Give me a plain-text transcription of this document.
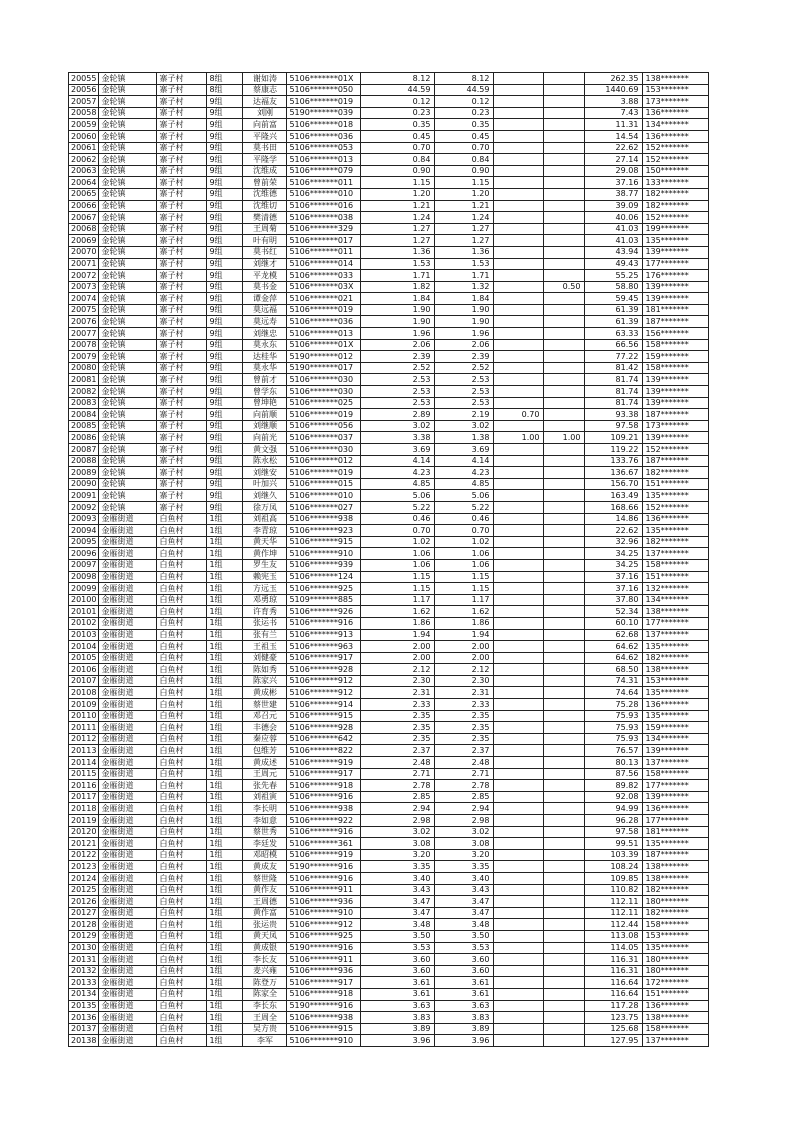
20055	金轮镇	寨子村	8组	谢如涛	5106*******01X	8.12	8.12			262.35	138*******
20056	金轮镇	寨子村	8组	蔡康志	5106*******050	44.59	44.59			1440.69	153*******
20057	金轮镇	寨子村	9组	达福友	5106*******019	0.12	0.12			3.88	173*******
20058	金轮镇	寨子村	9组	刘刚	5190*******039	0.23	0.23			7.43	136*******
20059	金轮镇	寨子村	9组	向前富	5106*******018	0.35	0.35			11.31	134*******
20060	金轮镇	寨子村	9组	平隆兴	5106*******036	0.45	0.45			14.54	136*******
20061	金轮镇	寨子村	9组	莫书田	5106*******053	0.70	0.70			22.62	152*******
20062	金轮镇	寨子村	9组	平隆学	5106*******013	0.84	0.84			27.14	152*******
20063	金轮镇	寨子村	9组	沈维成	5106*******079	0.90	0.90			29.08	150*******
20064	金轮镇	寨子村	9组	曾前荣	5106*******011	1.15	1.15			37.16	133*******
20065	金轮镇	寨子村	9组	沈维德	5106*******010	1.20	1.20			38.77	182*******
20066	金轮镇	寨子村	9组	沈维切	5106*******016	1.21	1.21			39.09	182*******
20067	金轮镇	寨子村	9组	樊清德	5106*******038	1.24	1.24			40.06	152*******
20068	金轮镇	寨子村	9组	王周菊	5106*******329	1.27	1.27			41.03	199*******
20069	金轮镇	寨子村	9组	叶有明	5106*******017	1.27	1.27			41.03	135*******
20070	金轮镇	寨子村	9组	莫书红	5106*******011	1.36	1.36			43.94	139*******
20071	金轮镇	寨子村	9组	刘继才	5106*******014	1.53	1.53			49.43	177*******
20072	金轮镇	寨子村	9组	平龙模	5106*******033	1.71	1.71			55.25	176*******
20073	金轮镇	寨子村	9组	莫书金	5106*******03X	1.82	1.32		0.50	58.80	139*******
20074	金轮镇	寨子村	9组	谭金萍	5106*******021	1.84	1.84			59.45	139*******
20075	金轮镇	寨子村	9组	莫远福	5106*******019	1.90	1.90			61.39	181*******
20076	金轮镇	寨子村	9组	莫远寿	5106*******036	1.90	1.90			61.39	187*******
20077	金轮镇	寨子村	9组	刘继忠	5106*******013	1.96	1.96			63.33	156*******
20078	金轮镇	寨子村	9组	莫永东	5106*******01X	2.06	2.06			66.56	158*******
20079	金轮镇	寨子村	9组	达桂华	5190*******012	2.39	2.39			77.22	159*******
20080	金轮镇	寨子村	9组	莫永华	5190*******017	2.52	2.52			81.42	158*******
20081	金轮镇	寨子村	9组	曾前才	5106*******030	2.53	2.53			81.74	139*******
20082	金轮镇	寨子村	9组	曾学东	5106*******030	2.53	2.53			81.74	139*******
20083	金轮镇	寨子村	9组	曾坤艳	5106*******025	2.53	2.53			81.74	139*******
20084	金轮镇	寨子村	9组	向前顺	5106*******019	2.89	2.19	0.70		93.38	187*******
20085	金轮镇	寨子村	9组	刘继顺	5106*******056	3.02	3.02			97.58	173*******
20086	金轮镇	寨子村	9组	向前光	5106*******037	3.38	1.38	1.00	1.00	109.21	139*******
20087	金轮镇	寨子村	9组	黄文强	5106*******030	3.69	3.69			119.22	152*******
20088	金轮镇	寨子村	9组	陈永松	5106*******012	4.14	4.14			133.76	187*******
20089	金轮镇	寨子村	9组	刘继安	5106*******019	4.23	4.23			136.67	182*******
20090	金轮镇	寨子村	9组	叶加兴	5106*******015	4.85	4.85			156.70	151*******
20091	金轮镇	寨子村	9组	刘继久	5106*******010	5.06	5.06			163.49	135*******
20092	金轮镇	寨子村	9组	徐万凤	5106*******027	5.22	5.22			168.66	152*******
20093	金雁街道	白鱼村	1组	刘祖高	5106*******938	0.46	0.46			14.86	136*******
20094	金雁街道	白鱼村	1组	李青琼	5106*******923	0.70	0.70			22.62	135*******
20095	金雁街道	白鱼村	1组	黄天华	5106*******915	1.02	1.02			32.96	182*******
20096	金雁街道	白鱼村	1组	黄作坤	5106*******910	1.06	1.06			34.25	137*******
20097	金雁街道	白鱼村	1组	罗生友	5106*******939	1.06	1.06			34.25	158*******
20098	金雁街道	白鱼村	1组	赖宪玉	5106*******124	1.15	1.15			37.16	151*******
20099	金雁街道	白鱼村	1组	方远玉	5106*******925	1.15	1.15			37.16	132*******
20100	金雁街道	白鱼村	1组	邓勇琼	5109*******885	1.17	1.17			37.80	134*******
20101	金雁街道	白鱼村	1组	许育秀	5106*******926	1.62	1.62			52.34	138*******
20102	金雁街道	白鱼村	1组	张运书	5106*******916	1.86	1.86			60.10	177*******
20103	金雁街道	白鱼村	1组	张有兰	5106*******913	1.94	1.94			62.68	137*******
20104	金雁街道	白鱼村	1组	王祖玉	5106*******963	2.00	2.00			64.62	135*******
20105	金雁街道	白鱼村	1组	刘健豪	5106*******917	2.00	2.00			64.62	182*******
20106	金雁街道	白鱼村	1组	陈如秀	5106*******928	2.12	2.12			68.50	138*******
20107	金雁街道	白鱼村	1组	陈家兴	5106*******912	2.30	2.30			74.31	153*******
20108	金雁街道	白鱼村	1组	黄成彬	5106*******912	2.31	2.31			74.64	135*******
20109	金雁街道	白鱼村	1组	蔡世建	5106*******914	2.33	2.33			75.28	136*******
20110	金雁街道	白鱼村	1组	邓召元	5106*******915	2.35	2.35			75.93	135*******
20111	金雁街道	白鱼村	1组	丰德会	5106*******928	2.35	2.35			75.93	159*******
20112	金雁街道	白鱼村	1组	秦应蓉	5106*******642	2.35	2.35			75.93	134*******
20113	金雁街道	白鱼村	1组	包维芳	5106*******822	2.37	2.37			76.57	139*******
20114	金雁街道	白鱼村	1组	黄成述	5106*******919	2.48	2.48			80.13	137*******
20115	金雁街道	白鱼村	1组	王周元	5106*******917	2.71	2.71			87.56	158*******
20116	金雁街道	白鱼村	1组	张先春	5106*******918	2.78	2.78			89.82	177*******
20117	金雁街道	白鱼村	1组	刘祖寅	5106*******916	2.85	2.85			92.08	139*******
20118	金雁街道	白鱼村	1组	李长明	5106*******938	2.94	2.94			94.99	136*******
20119	金雁街道	白鱼村	1组	李如意	5106*******922	2.98	2.98			96.28	177*******
20120	金雁街道	白鱼村	1组	蔡世秀	5106*******916	3.02	3.02			97.58	181*******
20121	金雁街道	白鱼村	1组	李廷发	5106*******361	3.08	3.08			99.51	135*******
20122	金雁街道	白鱼村	1组	邓昭模	5106*******919	3.20	3.20			103.39	187*******
20123	金雁街道	白鱼村	1组	黄成友	5190*******916	3.35	3.35			108.24	138*******
20124	金雁街道	白鱼村	1组	蔡世隆	5106*******916	3.40	3.40			109.85	138*******
20125	金雁街道	白鱼村	1组	黄作友	5106*******911	3.43	3.43			110.82	182*******
20126	金雁街道	白鱼村	1组	王周德	5106*******936	3.47	3.47			112.11	180*******
20127	金雁街道	白鱼村	1组	黄作富	5106*******910	3.47	3.47			112.11	182*******
20128	金雁街道	白鱼村	1组	张运贵	5106*******912	3.48	3.48			112.44	158*******
20129	金雁街道	白鱼村	1组	黄天凤	5106*******925	3.50	3.50			113.08	153*******
20130	金雁街道	白鱼村	1组	黄成银	5190*******916	3.53	3.53			114.05	135*******
20131	金雁街道	白鱼村	1组	李长友	5106*******911	3.60	3.60			116.31	180*******
20132	金雁街道	白鱼村	1组	麦兴雍	5106*******936	3.60	3.60			116.31	180*******
20133	金雁街道	白鱼村	1组	陈登万	5106*******917	3.61	3.61			116.64	172*******
20134	金雁街道	白鱼村	1组	陈家全	5106*******918	3.61	3.61			116.64	151*******
20135	金雁街道	白鱼村	1组	李长东	5190*******916	3.63	3.63			117.28	136*******
20136	金雁街道	白鱼村	1组	王周全	5106*******938	3.83	3.83			123.75	138*******
20137	金雁街道	白鱼村	1组	吴方贵	5106*******915	3.89	3.89			125.68	158*******
20138	金雁街道	白鱼村	1组	李军	5106*******910	3.96	3.96			127.95	137*******
